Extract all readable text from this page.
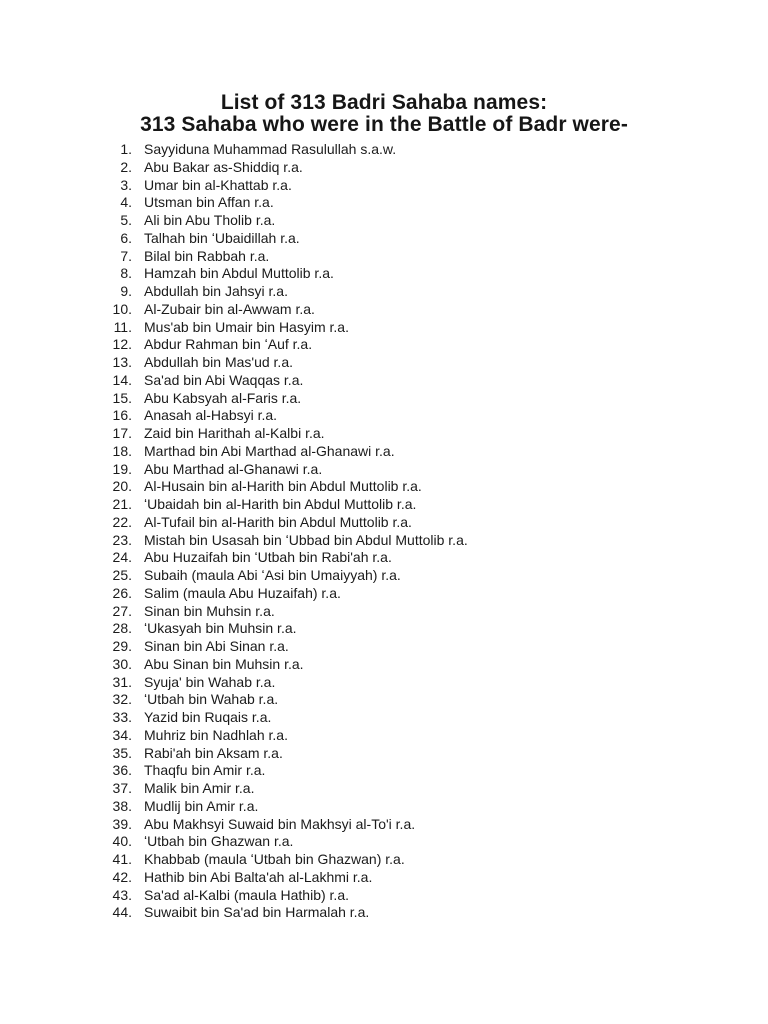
List of 313 Badri Sahaba names:
313 Sahaba who were in the Battle of Badr were-
1. Sayyiduna Muhammad Rasulullah s.a.w.
2. Abu Bakar as-Shiddiq r.a.
3. Umar bin al-Khattab r.a.
4. Utsman bin Affan r.a.
5. Ali bin Abu Tholib r.a.
6. Talhah bin ʻUbaidillah r.a.
7. Bilal bin Rabbah r.a.
8. Hamzah bin Abdul Muttolib r.a.
9. Abdullah bin Jahsyi r.a.
10. Al-Zubair bin al-Awwam r.a.
11. Mus'ab bin Umair bin Hasyim r.a.
12. Abdur Rahman bin ʻAuf r.a.
13. Abdullah bin Mas'ud r.a.
14. Sa'ad bin Abi Waqqas r.a.
15. Abu Kabsyah al-Faris r.a.
16. Anasah al-Habsyi r.a.
17. Zaid bin Harithah al-Kalbi r.a.
18. Marthad bin Abi Marthad al-Ghanawi r.a.
19. Abu Marthad al-Ghanawi r.a.
20. Al-Husain bin al-Harith bin Abdul Muttolib r.a.
21. ʻUbaidah bin al-Harith bin Abdul Muttolib r.a.
22. Al-Tufail bin al-Harith bin Abdul Muttolib r.a.
23. Mistah bin Usasah bin ʻUbbad bin Abdul Muttolib r.a.
24. Abu Huzaifah bin ʻUtbah bin Rabi'ah r.a.
25. Subaih (maula Abi ʻAsi bin Umaiyyah) r.a.
26. Salim (maula Abu Huzaifah) r.a.
27. Sinan bin Muhsin r.a.
28. ʻUkasyah bin Muhsin r.a.
29. Sinan bin Abi Sinan r.a.
30. Abu Sinan bin Muhsin r.a.
31. Syuja' bin Wahab r.a.
32. ʻUtbah bin Wahab r.a.
33. Yazid bin Ruqais r.a.
34. Muhriz bin Nadhlah r.a.
35. Rabi'ah bin Aksam r.a.
36. Thaqfu bin Amir r.a.
37. Malik bin Amir r.a.
38. Mudlij bin Amir r.a.
39. Abu Makhsyi Suwaid bin Makhsyi al-To'i r.a.
40. ʻUtbah bin Ghazwan r.a.
41. Khabbab (maula ʻUtbah bin Ghazwan) r.a.
42. Hathib bin Abi Balta'ah al-Lakhmi r.a.
43. Sa'ad al-Kalbi (maula Hathib) r.a.
44. Suwaibit bin Sa'ad bin Harmalah r.a.
